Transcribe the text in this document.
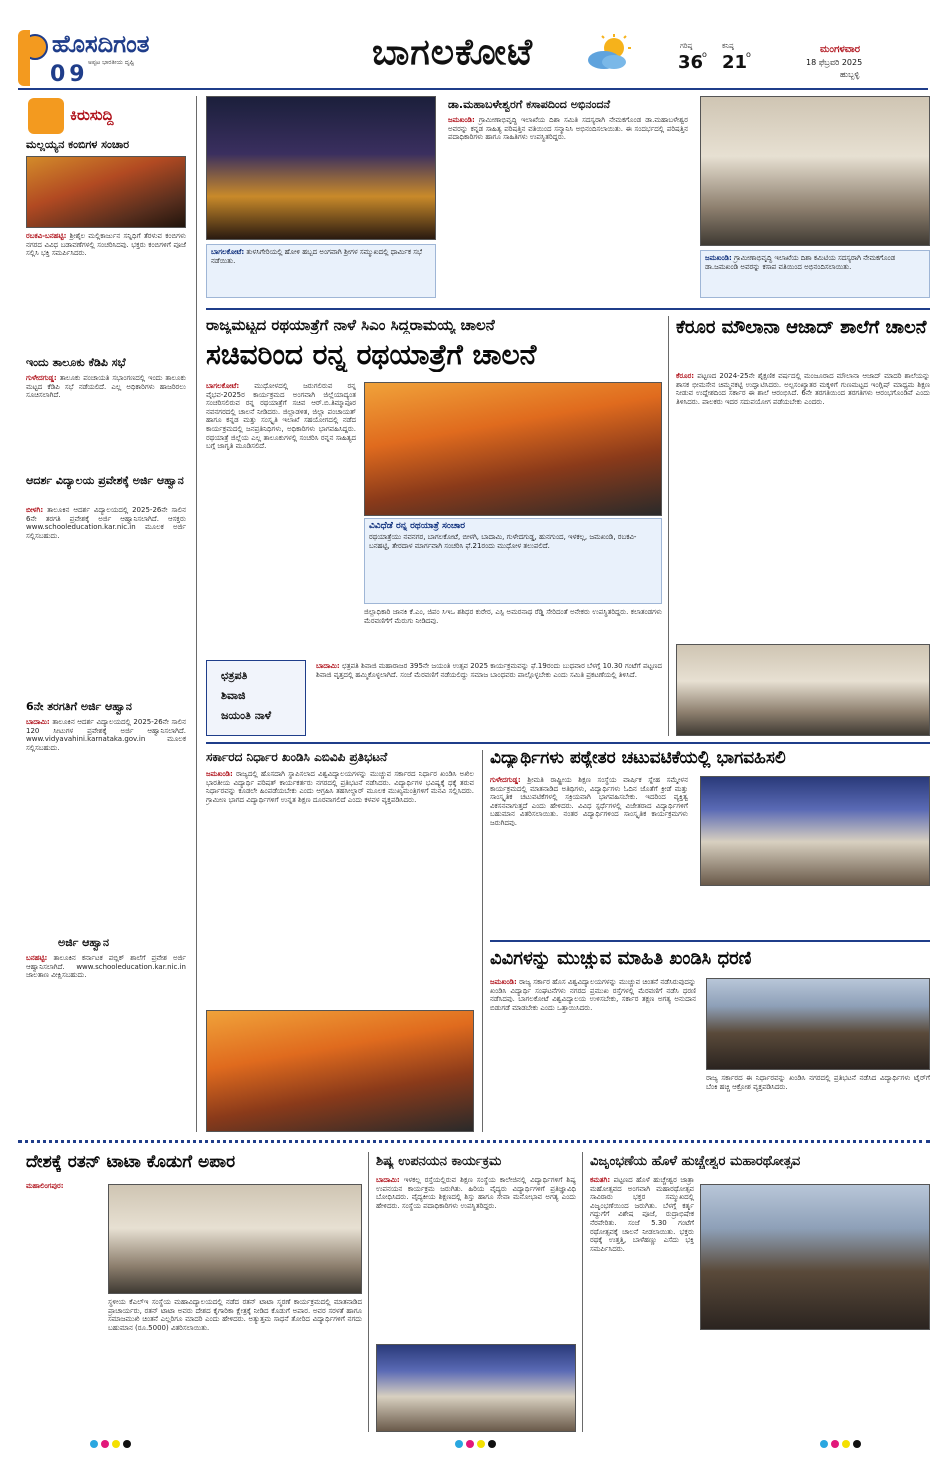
ಹೊಸದಿಗಂತ
ಅಪ್ಪಟ ಭಾರತೀಯ ದೃಷ್ಟಿ
09
ಬಾಗಲಕೋಟೆ	ಗರಿಷ್ಠ
36
o
ಕನಿಷ್ಠ
21
o	ಮಂಗಳವಾರ
18 ಫೆಬ್ರವರಿ 2025
ಹುಬ್ಬಳ್ಳಿ
ಕಿರುಸುದ್ದಿ
ಮಲ್ಲಯ್ಯನ ಕಂಬಿಗಳ ಸಂಚಾರ
ರಬಕವಿ-ಬನಹಟ್ಟಿ: ಶ್ರೀಶೈಲ ಮಲ್ಲಿಕಾರ್ಜುನ ಸನ್ನಿಧಿಗೆ ತೆರಳುವ ಕಂಬಿಗಳು ನಗರದ ವಿವಿಧ ಬಡಾವಣೆಗಳಲ್ಲಿ ಸಂಚರಿಸಿದವು. ಭಕ್ತರು ಕಂಬಿಗಳಿಗೆ ಪೂಜೆ ಸಲ್ಲಿಸಿ ಭಕ್ತಿ ಸಮರ್ಪಿಸಿದರು.
ಇಂದು ತಾಲೂಕು ಕೆಡಿಪಿ ಸಭೆ
ಗುಳೇದಗುಡ್ಡ: ತಾಲೂಕು ಪಂಚಾಯತಿ ಸಭಾಂಗಣದಲ್ಲಿ ಇಂದು ತಾಲೂಕು ಮಟ್ಟದ ಕೆಡಿಪಿ ಸಭೆ ನಡೆಯಲಿದೆ. ಎಲ್ಲ ಅಧಿಕಾರಿಗಳು ಹಾಜರಿರಲು ಸೂಚಿಸಲಾಗಿದೆ.
ಆದರ್ಶ ವಿದ್ಯಾಲಯ ಪ್ರವೇಶಕ್ಕೆ ಅರ್ಜಿ ಆಹ್ವಾನ
ಬೀಳಗಿ: ತಾಲೂಕಿನ ಆದರ್ಶ ವಿದ್ಯಾಲಯದಲ್ಲಿ 2025-26ನೇ ಸಾಲಿನ 6ನೇ ತರಗತಿ ಪ್ರವೇಶಕ್ಕೆ ಅರ್ಜಿ ಆಹ್ವಾನಿಸಲಾಗಿದೆ. ಆಸಕ್ತರು www.schooleducation.kar.nic.in ಮೂಲಕ ಅರ್ಜಿ ಸಲ್ಲಿಸಬಹುದು.
6ನೇ ತರಗತಿಗೆ ಅರ್ಜಿ ಆಹ್ವಾನ
ಬಾದಾಮಿ: ತಾಲೂಕಿನ ಆದರ್ಶ ವಿದ್ಯಾಲಯದಲ್ಲಿ 2025-26ನೇ ಸಾಲಿನ 120 ಸೀಟುಗಳ ಪ್ರವೇಶಕ್ಕೆ ಅರ್ಜಿ ಆಹ್ವಾನಿಸಲಾಗಿದೆ. www.vidyavahini.karnataka.gov.in ಮೂಲಕ ಸಲ್ಲಿಸಬಹುದು.
ಅರ್ಜಿ ಆಹ್ವಾನ
ಬನಹಟ್ಟಿ: ತಾಲೂಕಿನ ಕರ್ನಾಟಕ ಪಬ್ಲಿಕ್ ಶಾಲೆಗೆ ಪ್ರವೇಶ ಅರ್ಜಿ ಆಹ್ವಾನಿಸಲಾಗಿದೆ. www.schooleducation.kar.nic.in ಜಾಲತಾಣ ವೀಕ್ಷಿಸಬಹುದು.
ಬಾಗಲಕೋಟೆ: ತುಳಸಿಗೇರಿಯಲ್ಲಿ ಹೋಳಿ ಹಬ್ಬದ ಅಂಗವಾಗಿ ಶ್ರೀಗಳ ಸಮ್ಮುಖದಲ್ಲಿ ಧಾರ್ಮಿಕ ಸಭೆ ನಡೆಯಿತು.
ಡಾ.ಮಹಾಬಳೇಶ್ವರಗೆ ಕಸಾಪದಿಂದ ಅಭಿನಂದನೆ
ಜಮಖಂಡಿ: ಗ್ರಾಮೀಣಾಭಿವೃದ್ಧಿ ಇಲಾಖೆಯ ದಿಶಾ ಸಮಿತಿ ಸದಸ್ಯರಾಗಿ ನೇಮಕಗೊಂಡ ಡಾ.ಮಹಾಬಳೇಶ್ವರ ಅವರನ್ನು ಕನ್ನಡ ಸಾಹಿತ್ಯ ಪರಿಷತ್ತಿನ ವತಿಯಿಂದ ಸನ್ಮಾನಿಸಿ ಅಭಿನಂದಿಸಲಾಯಿತು. ಈ ಸಂದರ್ಭದಲ್ಲಿ ಪರಿಷತ್ತಿನ ಪದಾಧಿಕಾರಿಗಳು ಹಾಗೂ ಸಾಹಿತಿಗಳು ಉಪಸ್ಥಿತರಿದ್ದರು.
ಜಮಖಂಡಿ: ಗ್ರಾಮೀಣಾಭಿವೃದ್ಧಿ ಇಲಾಖೆಯ ದಿಶಾ ಕಮಿಟಿಯ ಸದಸ್ಯರಾಗಿ ನೇಮಕಗೊಂಡ ಡಾ.ಜಮಖಂಡಿ ಅವರನ್ನು ಕಸಾಪ ವತಿಯಿಂದ ಅಭಿನಂದಿಸಲಾಯಿತು.
ರಾಜ್ಯಮಟ್ಟದ ರಥಯಾತ್ರೆಗೆ ನಾಳೆ ಸಿಎಂ ಸಿದ್ದರಾಮಯ್ಯ ಚಾಲನೆ
ಸಚಿವರಿಂದ ರನ್ನ ರಥಯಾತ್ರೆಗೆ ಚಾಲನೆ
ಬಾಗಲಕೋಟೆ: ಮುಧೋಳದಲ್ಲಿ ಜರುಗಲಿರುವ ರನ್ನ ವೈಭವ-2025ರ ಕಾರ್ಯಕ್ರಮದ ಅಂಗವಾಗಿ ಜಿಲ್ಲೆಯಾದ್ಯಂತ ಸಂಚರಿಸಲಿರುವ ರನ್ನ ರಥಯಾತ್ರೆಗೆ ಸಚಿವ ಆರ್.ಬಿ.ತಿಮ್ಮಾಪೂರ ನವನಗರದಲ್ಲಿ ಚಾಲನೆ ನೀಡಿದರು. ಜಿಲ್ಲಾಡಳಿತ, ಜಿಲ್ಲಾ ಪಂಚಾಯತ್ ಹಾಗೂ ಕನ್ನಡ ಮತ್ತು ಸಂಸ್ಕೃತಿ ಇಲಾಖೆ ಸಹಯೋಗದಲ್ಲಿ ನಡೆದ ಕಾರ್ಯಕ್ರಮದಲ್ಲಿ ಜನಪ್ರತಿನಿಧಿಗಳು, ಅಧಿಕಾರಿಗಳು ಭಾಗವಹಿಸಿದ್ದರು. ರಥಯಾತ್ರೆ ಜಿಲ್ಲೆಯ ಎಲ್ಲ ತಾಲೂಕುಗಳಲ್ಲಿ ಸಂಚರಿಸಿ ರನ್ನನ ಸಾಹಿತ್ಯದ ಬಗ್ಗೆ ಜಾಗೃತಿ ಮೂಡಿಸಲಿದೆ.
ವಿವಿಧೆಡೆ ರನ್ನ ರಥಯಾತ್ರೆ ಸಂಚಾರ
ರಥಯಾತ್ರೆಯು ನವನಗರ, ಬಾಗಲಕೋಟೆ, ಬೀಳಗಿ, ಬಾದಾಮಿ, ಗುಳೇದಗುಡ್ಡ, ಹುನಗುಂದ, ಇಳಕಲ್ಲ, ಜಮಖಂಡಿ, ರಬಕವಿ-ಬನಹಟ್ಟಿ, ತೇರದಾಳ ಮಾರ್ಗವಾಗಿ ಸಂಚರಿಸಿ ಫೆ.21ರಂದು ಮುಧೋಳ ತಲುಪಲಿದೆ.
ಜಿಲ್ಲಾಧಿಕಾರಿ ಜಾನಕಿ ಕೆ.ಎಂ, ಜಿಪಂ ಸಿಇಒ ಶಶಿಧರ ಕುರೇರ, ಎಸ್ಪಿ ಅಮರನಾಥ ರೆಡ್ಡಿ ಸೇರಿದಂತೆ ಅನೇಕರು ಉಪಸ್ಥಿತರಿದ್ದರು. ಕಲಾತಂಡಗಳು ಮೆರವಣಿಗೆಗೆ ಮೆರುಗು ನೀಡಿದವು.
ಕೆರೂರ ಮೌಲಾನಾ ಆಜಾದ್ ಶಾಲೆಗೆ ಚಾಲನೆ
ಕೆರೂರ: ಪಟ್ಟಣದ 2024-25ನೇ ಶೈಕ್ಷಣಿಕ ವರ್ಷದಲ್ಲಿ ಮಂಜೂರಾದ ಮೌಲಾನಾ ಆಜಾದ್ ಮಾದರಿ ಶಾಲೆಯನ್ನು ಶಾಸಕ ಭೀಮಸೇನ ಚಿಮ್ಮನಕಟ್ಟಿ ಉದ್ಘಾಟಿಸಿದರು. ಅಲ್ಪಸಂಖ್ಯಾತರ ಮಕ್ಕಳಿಗೆ ಗುಣಮಟ್ಟದ ಇಂಗ್ಲಿಷ್ ಮಾಧ್ಯಮ ಶಿಕ್ಷಣ ನೀಡುವ ಉದ್ದೇಶದಿಂದ ಸರ್ಕಾರ ಈ ಶಾಲೆ ಆರಂಭಿಸಿದೆ. 6ನೇ ತರಗತಿಯಿಂದ ತರಗತಿಗಳು ಆರಂಭಗೊಂಡಿವೆ ಎಂದು ತಿಳಿಸಿದರು. ಪಾಲಕರು ಇದರ ಸದುಪಯೋಗ ಪಡೆಯಬೇಕು ಎಂದರು.
ಛತ್ರಪತಿ
ಶಿವಾಜಿ
ಜಯಂತಿ ನಾಳೆ
ಬಾದಾಮಿ: ಛತ್ರಪತಿ ಶಿವಾಜಿ ಮಹಾರಾಜರ 395ನೇ ಜಯಂತಿ ಉತ್ಸವ 2025 ಕಾರ್ಯಕ್ರಮವನ್ನು ಫೆ.19ರಂದು ಬುಧವಾರ ಬೆಳಗ್ಗೆ 10.30 ಗಂಟೆಗೆ ಪಟ್ಟಣದ ಶಿವಾಜಿ ವೃತ್ತದಲ್ಲಿ ಹಮ್ಮಿಕೊಳ್ಳಲಾಗಿದೆ. ಸಂಜೆ ಮೆರವಣಿಗೆ ನಡೆಯಲಿದ್ದು ಸಮಾಜ ಬಾಂಧವರು ಪಾಲ್ಗೊಳ್ಳಬೇಕು ಎಂದು ಸಮಿತಿ ಪ್ರಕಟಣೆಯಲ್ಲಿ ತಿಳಿಸಿದೆ.
ಸರ್ಕಾರದ ನಿರ್ಧಾರ ಖಂಡಿಸಿ ಎಬಿವಿಪಿ ಪ್ರತಿಭಟನೆ
ಜಮಖಂಡಿ: ರಾಜ್ಯದಲ್ಲಿ ಹೊಸದಾಗಿ ಸ್ಥಾಪಿಸಲಾದ ವಿಶ್ವವಿದ್ಯಾಲಯಗಳನ್ನು ಮುಚ್ಚುವ ಸರ್ಕಾರದ ನಿರ್ಧಾರ ಖಂಡಿಸಿ ಅಖಿಲ ಭಾರತೀಯ ವಿದ್ಯಾರ್ಥಿ ಪರಿಷತ್ ಕಾರ್ಯಕರ್ತರು ನಗರದಲ್ಲಿ ಪ್ರತಿಭಟನೆ ನಡೆಸಿದರು. ವಿದ್ಯಾರ್ಥಿಗಳ ಭವಿಷ್ಯಕ್ಕೆ ಧಕ್ಕೆ ತರುವ ನಿರ್ಧಾರವನ್ನು ಕೂಡಲೇ ಹಿಂಪಡೆಯಬೇಕು ಎಂದು ಆಗ್ರಹಿಸಿ ತಹಸೀಲ್ದಾರ್ ಮೂಲಕ ಮುಖ್ಯಮಂತ್ರಿಗಳಿಗೆ ಮನವಿ ಸಲ್ಲಿಸಿದರು. ಗ್ರಾಮೀಣ ಭಾಗದ ವಿದ್ಯಾರ್ಥಿಗಳಿಗೆ ಉನ್ನತ ಶಿಕ್ಷಣ ದೂರವಾಗಲಿದೆ ಎಂದು ಕಳವಳ ವ್ಯಕ್ತಪಡಿಸಿದರು.
ವಿದ್ಯಾರ್ಥಿಗಳು ಪಠ್ಯೇತರ ಚಟುವಟಿಕೆಯಲ್ಲಿ ಭಾಗವಹಿಸಲಿ
ಗುಳೇದಗುಡ್ಡ: ಶ್ರೀಮತಿ ರಾಷ್ಟ್ರೀಯ ಶಿಕ್ಷಣ ಸಂಸ್ಥೆಯ ವಾರ್ಷಿಕ ಸ್ನೇಹ ಸಮ್ಮೇಳನ ಕಾರ್ಯಕ್ರಮದಲ್ಲಿ ಮಾತನಾಡಿದ ಅತಿಥಿಗಳು, ವಿದ್ಯಾರ್ಥಿಗಳು ಓದಿನ ಜೊತೆಗೆ ಕ್ರೀಡೆ ಮತ್ತು ಸಾಂಸ್ಕೃತಿಕ ಚಟುವಟಿಕೆಗಳಲ್ಲಿ ಸಕ್ರಿಯವಾಗಿ ಭಾಗವಹಿಸಬೇಕು. ಇದರಿಂದ ವ್ಯಕ್ತಿತ್ವ ವಿಕಸನವಾಗುತ್ತದೆ ಎಂದು ಹೇಳಿದರು. ವಿವಿಧ ಸ್ಪರ್ಧೆಗಳಲ್ಲಿ ವಿಜೇತರಾದ ವಿದ್ಯಾರ್ಥಿಗಳಿಗೆ ಬಹುಮಾನ ವಿತರಿಸಲಾಯಿತು. ನಂತರ ವಿದ್ಯಾರ್ಥಿಗಳಿಂದ ಸಾಂಸ್ಕೃತಿಕ ಕಾರ್ಯಕ್ರಮಗಳು ಜರುಗಿದವು.
ವಿವಿಗಳನ್ನು ಮುಚ್ಚುವ ಮಾಹಿತಿ ಖಂಡಿಸಿ ಧರಣಿ
ಜಮಖಂಡಿ: ರಾಜ್ಯ ಸರ್ಕಾರ ಹೊಸ ವಿಶ್ವವಿದ್ಯಾಲಯಗಳನ್ನು ಮುಚ್ಚುವ ಚಿಂತನೆ ನಡೆಸಿರುವುದನ್ನು ಖಂಡಿಸಿ ವಿದ್ಯಾರ್ಥಿ ಸಂಘಟನೆಗಳು ನಗರದ ಪ್ರಮುಖ ರಸ್ತೆಗಳಲ್ಲಿ ಮೆರವಣಿಗೆ ನಡೆಸಿ ಧರಣಿ ನಡೆಸಿದವು. ಬಾಗಲಕೋಟೆ ವಿಶ್ವವಿದ್ಯಾಲಯ ಉಳಿಸಬೇಕು, ಸರ್ಕಾರ ತಕ್ಷಣ ಅಗತ್ಯ ಅನುದಾನ ಬಿಡುಗಡೆ ಮಾಡಬೇಕು ಎಂದು ಒತ್ತಾಯಿಸಿದರು.
ರಾಜ್ಯ ಸರ್ಕಾರದ ಈ ನಿರ್ಧಾರವನ್ನು ಖಂಡಿಸಿ ನಗರದಲ್ಲಿ ಪ್ರತಿಭಟನೆ ನಡೆಸಿದ ವಿದ್ಯಾರ್ಥಿಗಳು ಟೈರ್‌ಗೆ ಬೆಂಕಿ ಹಚ್ಚಿ ಆಕ್ರೋಶ ವ್ಯಕ್ತಪಡಿಸಿದರು.
ದೇಶಕ್ಕೆ ರತನ್ ಟಾಟಾ ಕೊಡುಗೆ ಅಪಾರ
ಮಹಾಲಿಂಗಪುರ:
ಸ್ಥಳೀಯ ಕೆಎಲ್‌ಇ ಸಂಸ್ಥೆಯ ಮಹಾವಿದ್ಯಾಲಯದಲ್ಲಿ ನಡೆದ ರತನ್ ಟಾಟಾ ಸ್ಮರಣೆ ಕಾರ್ಯಕ್ರಮದಲ್ಲಿ ಮಾತನಾಡಿದ ಪ್ರಾಚಾರ್ಯರು, ರತನ್ ಟಾಟಾ ಅವರು ದೇಶದ ಕೈಗಾರಿಕಾ ಕ್ಷೇತ್ರಕ್ಕೆ ನೀಡಿದ ಕೊಡುಗೆ ಅಪಾರ. ಅವರ ಸರಳತೆ ಹಾಗೂ ಸಮಾಜಮುಖಿ ಚಿಂತನೆ ಎಲ್ಲರಿಗೂ ಮಾದರಿ ಎಂದು ಹೇಳಿದರು. ಅತ್ಯುತ್ತಮ ಸಾಧನೆ ತೋರಿದ ವಿದ್ಯಾರ್ಥಿಗಳಿಗೆ ನಗದು ಬಹುಮಾನ (ರೂ.5000) ವಿತರಿಸಲಾಯಿತು.
ಶಿಷ್ಯ ಉಪನಯನ ಕಾರ್ಯಕ್ರಮ
ಬಾದಾಮಿ: ಇಳಕಲ್ಲ ರಸ್ತೆಯಲ್ಲಿರುವ ಶಿಕ್ಷಣ ಸಂಸ್ಥೆಯ ಕಾಲೇಜಿನಲ್ಲಿ ವಿದ್ಯಾರ್ಥಿಗಳಿಗೆ ಶಿಷ್ಯ ಉಪನಯನ ಕಾರ್ಯಕ್ರಮ ಜರುಗಿತು. ಹಿರಿಯ ವೈದ್ಯರು ವಿದ್ಯಾರ್ಥಿಗಳಿಗೆ ಪ್ರತಿಜ್ಞಾವಿಧಿ ಬೋಧಿಸಿದರು. ವೈದ್ಯಕೀಯ ಶಿಕ್ಷಣದಲ್ಲಿ ಶಿಸ್ತು ಹಾಗೂ ಸೇವಾ ಮನೋಭಾವ ಅಗತ್ಯ ಎಂದು ಹೇಳಿದರು. ಸಂಸ್ಥೆಯ ಪದಾಧಿಕಾರಿಗಳು ಉಪಸ್ಥಿತರಿದ್ದರು.
ವಿಜೃಂಭಣೆಯ ಹೊಳೆ ಹುಚ್ಚೇಶ್ವರ ಮಹಾರಥೋತ್ಸವ
ಕಮತಗಿ: ಪಟ್ಟಣದ ಹೊಳೆ ಹುಚ್ಚೇಶ್ವರ ಜಾತ್ರಾ ಮಹೋತ್ಸವದ ಅಂಗವಾಗಿ ಮಹಾರಥೋತ್ಸವ ಸಾವಿರಾರು ಭಕ್ತರ ಸಮ್ಮುಖದಲ್ಲಿ ವಿಜೃಂಭಣೆಯಿಂದ ಜರುಗಿತು. ಬೆಳಗ್ಗೆ ಕರ್ತೃ ಗದ್ದುಗೆಗೆ ವಿಶೇಷ ಪೂಜೆ, ರುದ್ರಾಭಿಷೇಕ ನೆರವೇರಿತು. ಸಂಜೆ 5.30 ಗಂಟೆಗೆ ರಥೋತ್ಸವಕ್ಕೆ ಚಾಲನೆ ನೀಡಲಾಯಿತು. ಭಕ್ತರು ರಥಕ್ಕೆ ಉತ್ತತ್ತಿ, ಬಾಳೆಹಣ್ಣು ಎಸೆದು ಭಕ್ತಿ ಸಮರ್ಪಿಸಿದರು.
